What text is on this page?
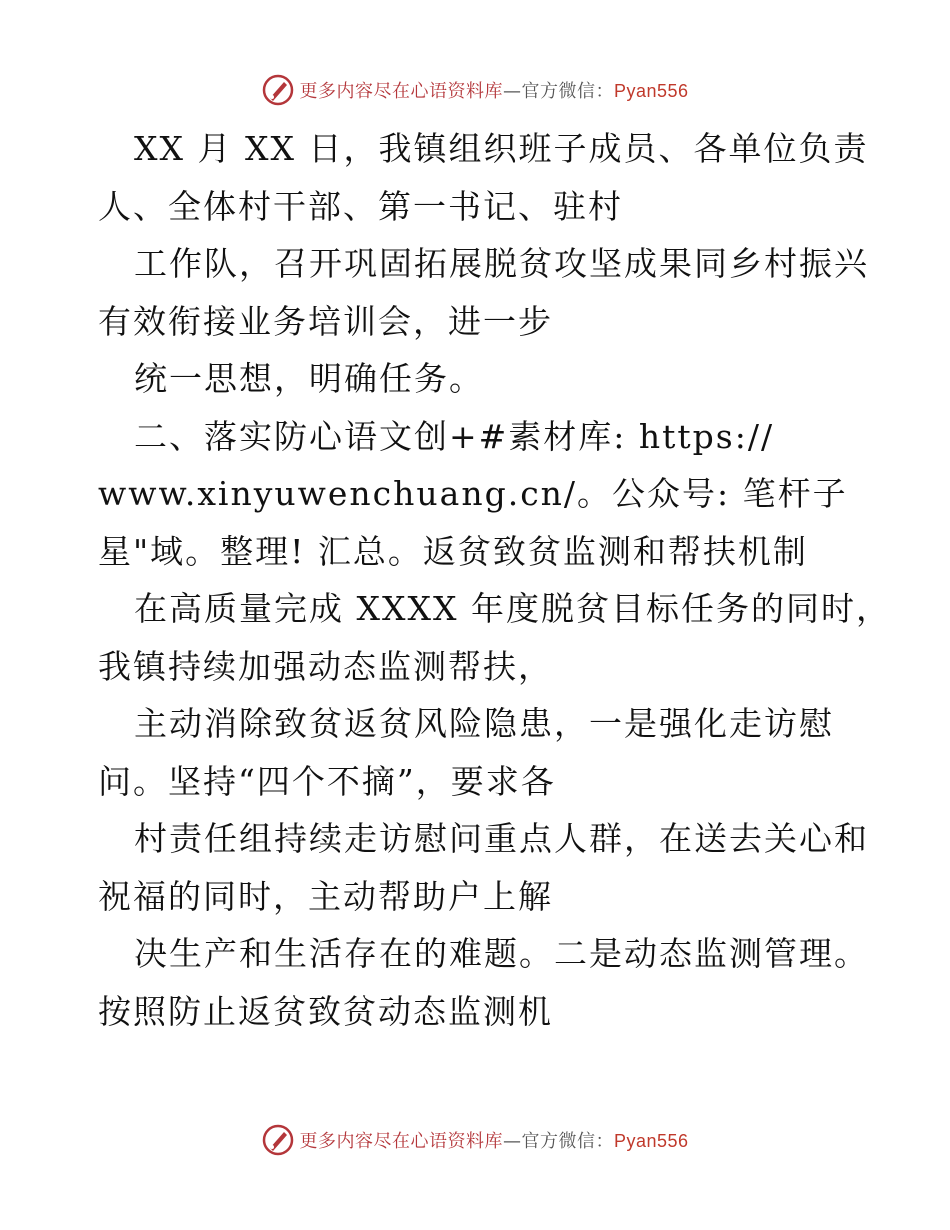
更多内容尽在心语资料库—官方微信：Pyan556
XX 月 XX 日，我镇组织班子成员、各单位负责
人、全体村干部、第一书记、驻村
工作队，召开巩固拓展脱贫攻坚成果同乡村振兴
有效衔接业务培训会，进一步
统一思想，明确任务。
二、落实防心语文创+#素材库: https://
www.xinyuwenchuang.cn/。公众号: 笔杆子
星"域。整理! 汇总。返贫致贫监测和帮扶机制
在高质量完成 XXXX 年度脱贫目标任务的同时，
我镇持续加强动态监测帮扶，
主动消除致贫返贫风险隐患，一是强化走访慰
问。坚持“四个不摘”，要求各
村责任组持续走访慰问重点人群，在送去关心和
祝福的同时，主动帮助户上解
决生产和生活存在的难题。二是动态监测管理。
按照防止返贫致贫动态监测机
更多内容尽在心语资料库—官方微信：Pyan556
